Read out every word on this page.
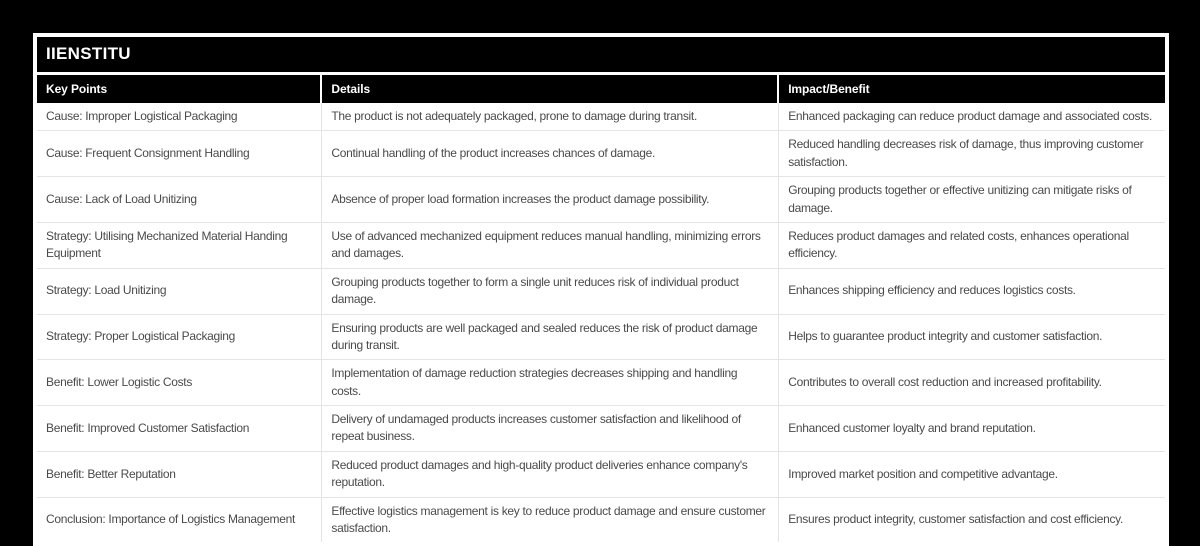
IIENSTITU
Key Points	Details	Impact/Benefit
Cause: Improper Logistical Packaging	The product is not adequately packaged, prone to damage during transit.	Enhanced packaging can reduce product damage and associated costs.
Cause: Frequent Consignment Handling	Continual handling of the product increases chances of damage.	Reduced handling decreases risk of damage, thus improving customer satisfaction.
Cause: Lack of Load Unitizing	Absence of proper load formation increases the product damage possibility.	Grouping products together or effective unitizing can mitigate risks of damage.
Strategy: Utilising Mechanized Material Handing Equipment	Use of advanced mechanized equipment reduces manual handling, minimizing errors and damages.	Reduces product damages and related costs, enhances operational efficiency.
Strategy: Load Unitizing	Grouping products together to form a single unit reduces risk of individual product damage.	Enhances shipping efficiency and reduces logistics costs.
Strategy: Proper Logistical Packaging	Ensuring products are well packaged and sealed reduces the risk of product damage during transit.	Helps to guarantee product integrity and customer satisfaction.
Benefit: Lower Logistic Costs	Implementation of damage reduction strategies decreases shipping and handling costs.	Contributes to overall cost reduction and increased profitability.
Benefit: Improved Customer Satisfaction	Delivery of undamaged products increases customer satisfaction and likelihood of repeat business.	Enhanced customer loyalty and brand reputation.
Benefit: Better Reputation	Reduced product damages and high-quality product deliveries enhance company's reputation.	Improved market position and competitive advantage.
Conclusion: Importance of Logistics Management	Effective logistics management is key to reduce product damage and ensure customer satisfaction.	Ensures product integrity, customer satisfaction and cost efficiency.
